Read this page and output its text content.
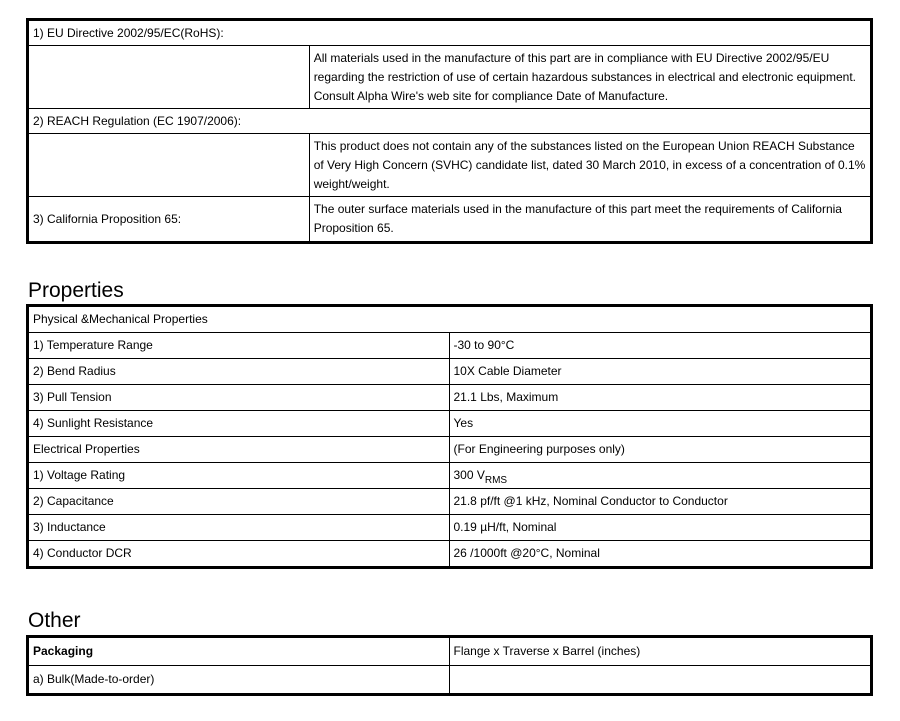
1) EU Directive 2002/95/EC(RoHS):	
	All materials used in the manufacture of this part are in compliance with EU Directive 2002/95/EU regarding the restriction of use of certain hazardous substances in electrical and electronic equipment. Consult Alpha Wire's web site for compliance Date of Manufacture.
2) REACH Regulation (EC 1907/2006):	
	This product does not contain any of the substances listed on the European Union REACH Substance of Very High Concern (SVHC) candidate list, dated 30 March 2010, in excess of a concentration of 0.1% weight/weight.
3) California Proposition 65:	The outer surface materials used in the manufacture of this part meet the requirements of California Proposition 65.
Properties
Physical &Mechanical Properties	
1) Temperature Range	-30 to 90°C
2) Bend Radius	10X Cable Diameter
3) Pull Tension	21.1 Lbs, Maximum
4) Sunlight Resistance	Yes
Electrical Properties	(For Engineering purposes only)
1) Voltage Rating	300 $V_{RMS}$
2) Capacitance	21.8 pf/ft @1 kHz, Nominal Conductor to Conductor
3) Inductance	0.19 µH/ft, Nominal
4) Conductor DCR	26 /1000ft @20°C, Nominal
Other
Packaging	Flange x Traverse x Barrel (inches)
a) Bulk(Made-to-order)	
